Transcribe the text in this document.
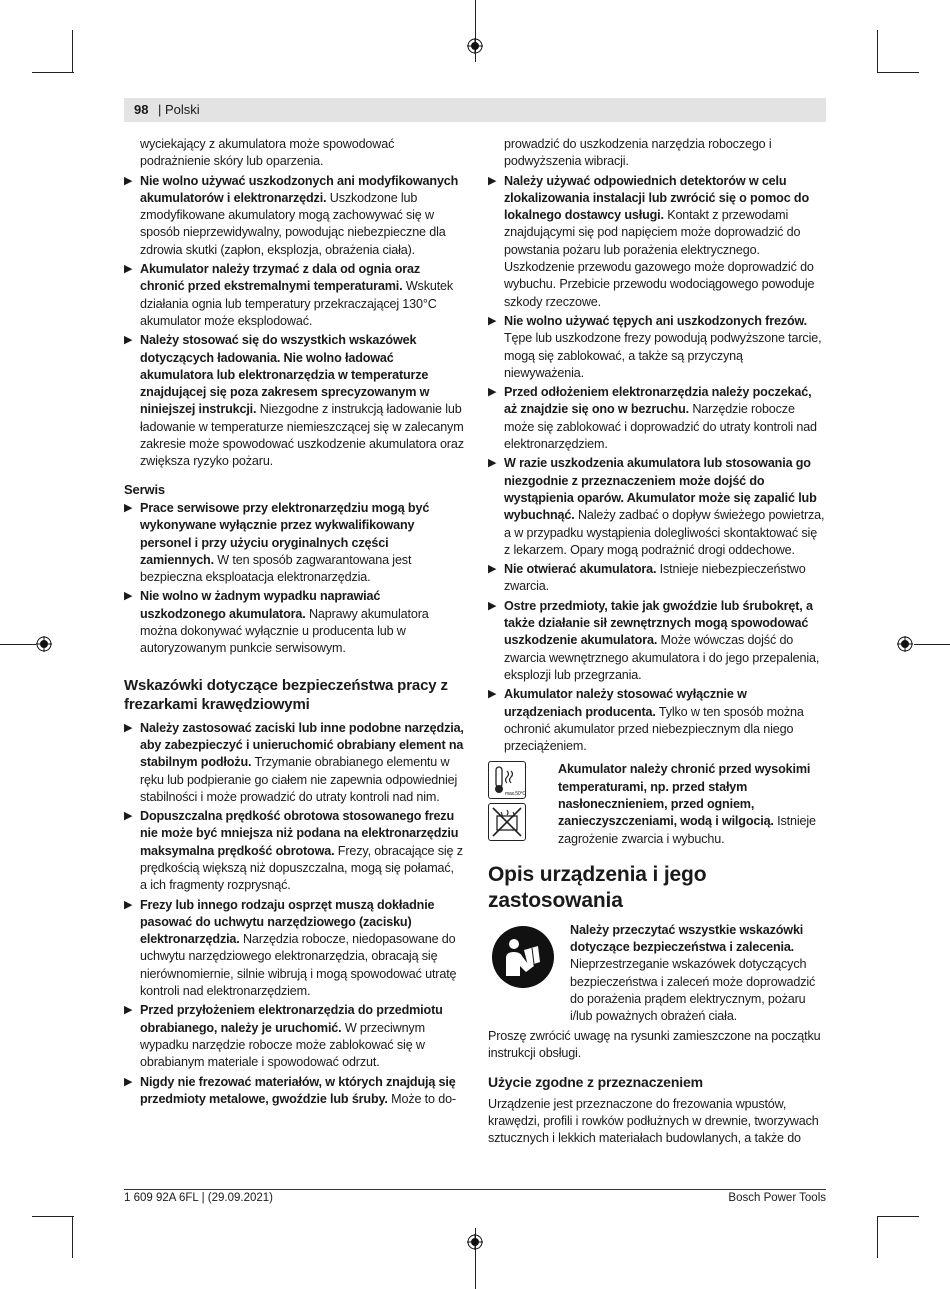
98 | Polski
wyciekający z akumulatora może spowodować podrażnienie skóry lub oparzenia.
▶ Nie wolno używać uszkodzonych ani modyfikowanych akumulatorów i elektronarzędzi. Uszkodzone lub zmodyfikowane akumulatory mogą zachowywać się w sposób nieprzewidywalny, powodując niebezpieczne dla zdrowia skutki (zapłon, eksplozja, obrażenia ciała).
▶ Akumulator należy trzymać z dala od ognia oraz chronić przed ekstremalnymi temperaturami. Wskutek działania ognia lub temperatury przekraczającej 130°C akumulator może eksplodować.
▶ Należy stosować się do wszystkich wskazówek dotyczących ładowania. Nie wolno ładować akumulatora lub elektronarzędzia w temperaturze znajdującej się poza zakresem sprecyzowanym w niniejszej instrukcji. Niezgodne z instrukcją ładowanie lub ładowanie w temperaturze niemieszczącej się w zalecanym zakresie może spowodować uszkodzenie akumulatora oraz zwiększa ryzyko pożaru.
Serwis
▶ Prace serwisowe przy elektronarzędziu mogą być wykonywane wyłącznie przez wykwalifikowany personel i przy użyciu oryginalnych części zamiennych. W ten sposób zagwarantowana jest bezpieczna eksploatacja elektronarzędzia.
▶ Nie wolno w żadnym wypadku naprawiać uszkodzonego akumulatora. Naprawy akumulatora można dokonywać wyłącznie u producenta lub w autoryzowanym punkcie serwisowym.
Wskazówki dotyczące bezpieczeństwa pracy z frezarkami krawędziowymi
▶ Należy zastosować zaciski lub inne podobne narzędzia, aby zabezpieczyć i unieruchomić obrabiany element na stabilnym podłożu. Trzymanie obrabianego elementu w ręku lub podpieranie go ciałem nie zapewnia odpowiedniej stabilności i może prowadzić do utraty kontroli nad nim.
▶ Dopuszczalna prędkość obrotowa stosowanego frezu nie może być mniejsza niż podana na elektronarzędziu maksymalna prędkość obrotowa. Frezy, obracające się z prędkością większą niż dopuszczalna, mogą się połamać, a ich fragmenty rozprysnąć.
▶ Frezy lub innego rodzaju osprzęt muszą dokładnie pasować do uchwytu narzędziowego (zacisku) elektronarzędzia. Narzędzia robocze, niedopasowane do uchwytu narzędziowego elektronarzędzia, obracają się nierównomiernie, silnie wibrują i mogą spowodować utratę kontroli nad elektronarzędziem.
▶ Przed przyłożeniem elektronarzędzia do przedmiotu obrabianego, należy je uruchomić. W przeciwnym wypadku narzędzie robocze może zablokować się w obrabianym materiale i spowodować odrzut.
▶ Nigdy nie frezować materiałów, w których znajdują się przedmioty metalowe, gwoździe lub śruby. Może to do-
prowadzić do uszkodzenia narzędzia roboczego i podwyższenia wibracji.
▶ Należy używać odpowiednich detektorów w celu zlokalizowania instalacji lub zwrócić się o pomoc do lokalnego dostawcy usługi. Kontakt z przewodami znajdującymi się pod napięciem może doprowadzić do powstania pożaru lub porażenia elektrycznego. Uszkodzenie przewodu gazowego może doprowadzić do wybuchu. Przebicie przewodu wodociągowego powoduje szkody rzeczowe.
▶ Nie wolno używać tępych ani uszkodzonych frezów. Tępe lub uszkodzone frezy powodują podwyższone tarcie, mogą się zablokować, a także są przyczyną niewyważenia.
▶ Przed odłożeniem elektronarzędzia należy poczekać, aż znajdzie się ono w bezruchu. Narzędzie robocze może się zablokować i doprowadzić do utraty kontroli nad elektronarzędziem.
▶ W razie uszkodzenia akumulatora lub stosowania go niezgodnie z przeznaczeniem może dojść do wystąpienia oparów. Akumulator może się zapalić lub wybuchnąć. Należy zadbać o dopływ świeżego powietrza, a w przypadku wystąpienia dolegliwości skontaktować się z lekarzem. Opary mogą podrażnić drogi oddechowe.
▶ Nie otwierać akumulatora. Istnieje niebezpieczeństwo zwarcia.
▶ Ostre przedmioty, takie jak gwoździe lub śrubokręt, a także działanie sił zewnętrznych mogą spowodować uszkodzenie akumulatora. Może wówczas dojść do zwarcia wewnętrznego akumulatora i do jego przepalenia, eksplozji lub przegrzania.
▶ Akumulator należy stosować wyłącznie w urządzeniach producenta. Tylko w ten sposób można ochronić akumulator przed niebezpiecznym dla niego przeciążeniem.
max.50°C
Akumulator należy chronić przed wysokimi temperaturami, np. przed stałym nasłonecznieniem, przed ogniem, zanieczyszczeniami, wodą i wilgocią. Istnieje zagrożenie zwarcia i wybuchu.
Opis urządzenia i jego zastosowania
Należy przeczytać wszystkie wskazówki dotyczące bezpieczeństwa i zalecenia. Nieprzestrzeganie wskazówek dotyczących bezpieczeństwa i zaleceń może doprowadzić do porażenia prądem elektrycznym, pożaru i/lub poważnych obrażeń ciała.
Proszę zwrócić uwagę na rysunki zamieszczone na początku instrukcji obsługi.
Użycie zgodne z przeznaczeniem
Urządzenie jest przeznaczone do frezowania wpustów, krawędzi, profili i rowków podłużnych w drewnie, tworzywach sztucznych i lekkich materiałach budowlanych, a także do
1 609 92A 6FL | (29.09.2021)	Bosch Power Tools
